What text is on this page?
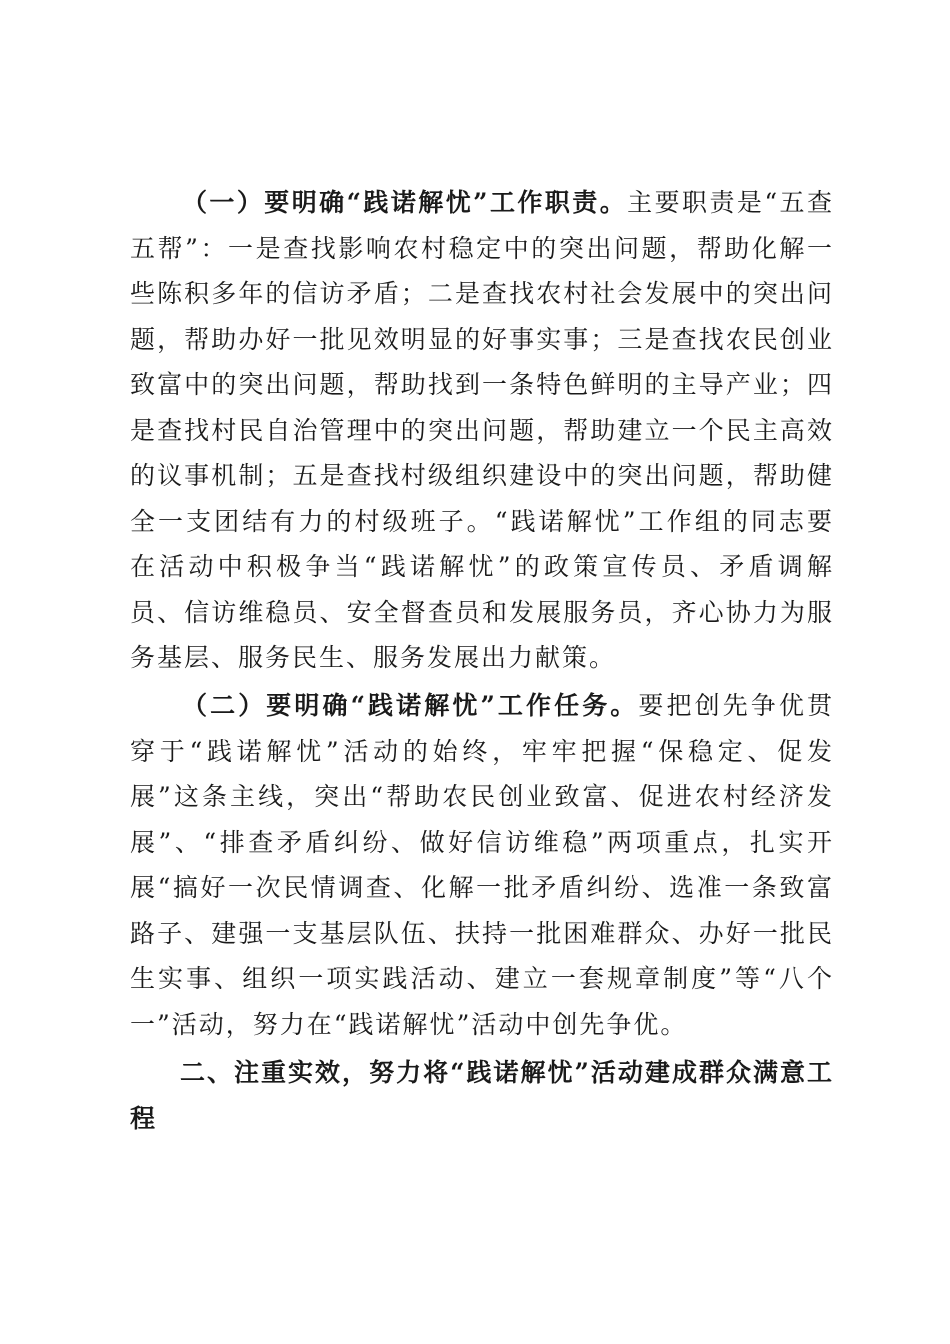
（一）要明确“践诺解忧”工作职责。主要职责是“五查五帮”：一是查找影响农村稳定中的突出问题，帮助化解一些陈积多年的信访矛盾；二是查找农村社会发展中的突出问题，帮助办好一批见效明显的好事实事；三是查找农民创业致富中的突出问题，帮助找到一条特色鲜明的主导产业；四是查找村民自治管理中的突出问题，帮助建立一个民主高效的议事机制；五是查找村级组织建设中的突出问题，帮助健全一支团结有力的村级班子。“践诺解忧”工作组的同志要在活动中积极争当“践诺解忧”的政策宣传员、矛盾调解员、信访维稳员、安全督查员和发展服务员，齐心协力为服务基层、服务民生、服务发展出力献策。

（二）要明确“践诺解忧”工作任务。要把创先争优贯穿于“践诺解忧”活动的始终，牢牢把握“保稳定、促发展”这条主线，突出“帮助农民创业致富、促进农村经济发展”、“排查矛盾纠纷、做好信访维稳”两项重点，扎实开展“搞好一次民情调查、化解一批矛盾纠纷、选准一条致富路子、建强一支基层队伍、扶持一批困难群众、办好一批民生实事、组织一项实践活动、建立一套规章制度”等“八个一”活动，努力在“践诺解忧”活动中创先争优。

二、注重实效，努力将“践诺解忧”活动建成群众满意工程
